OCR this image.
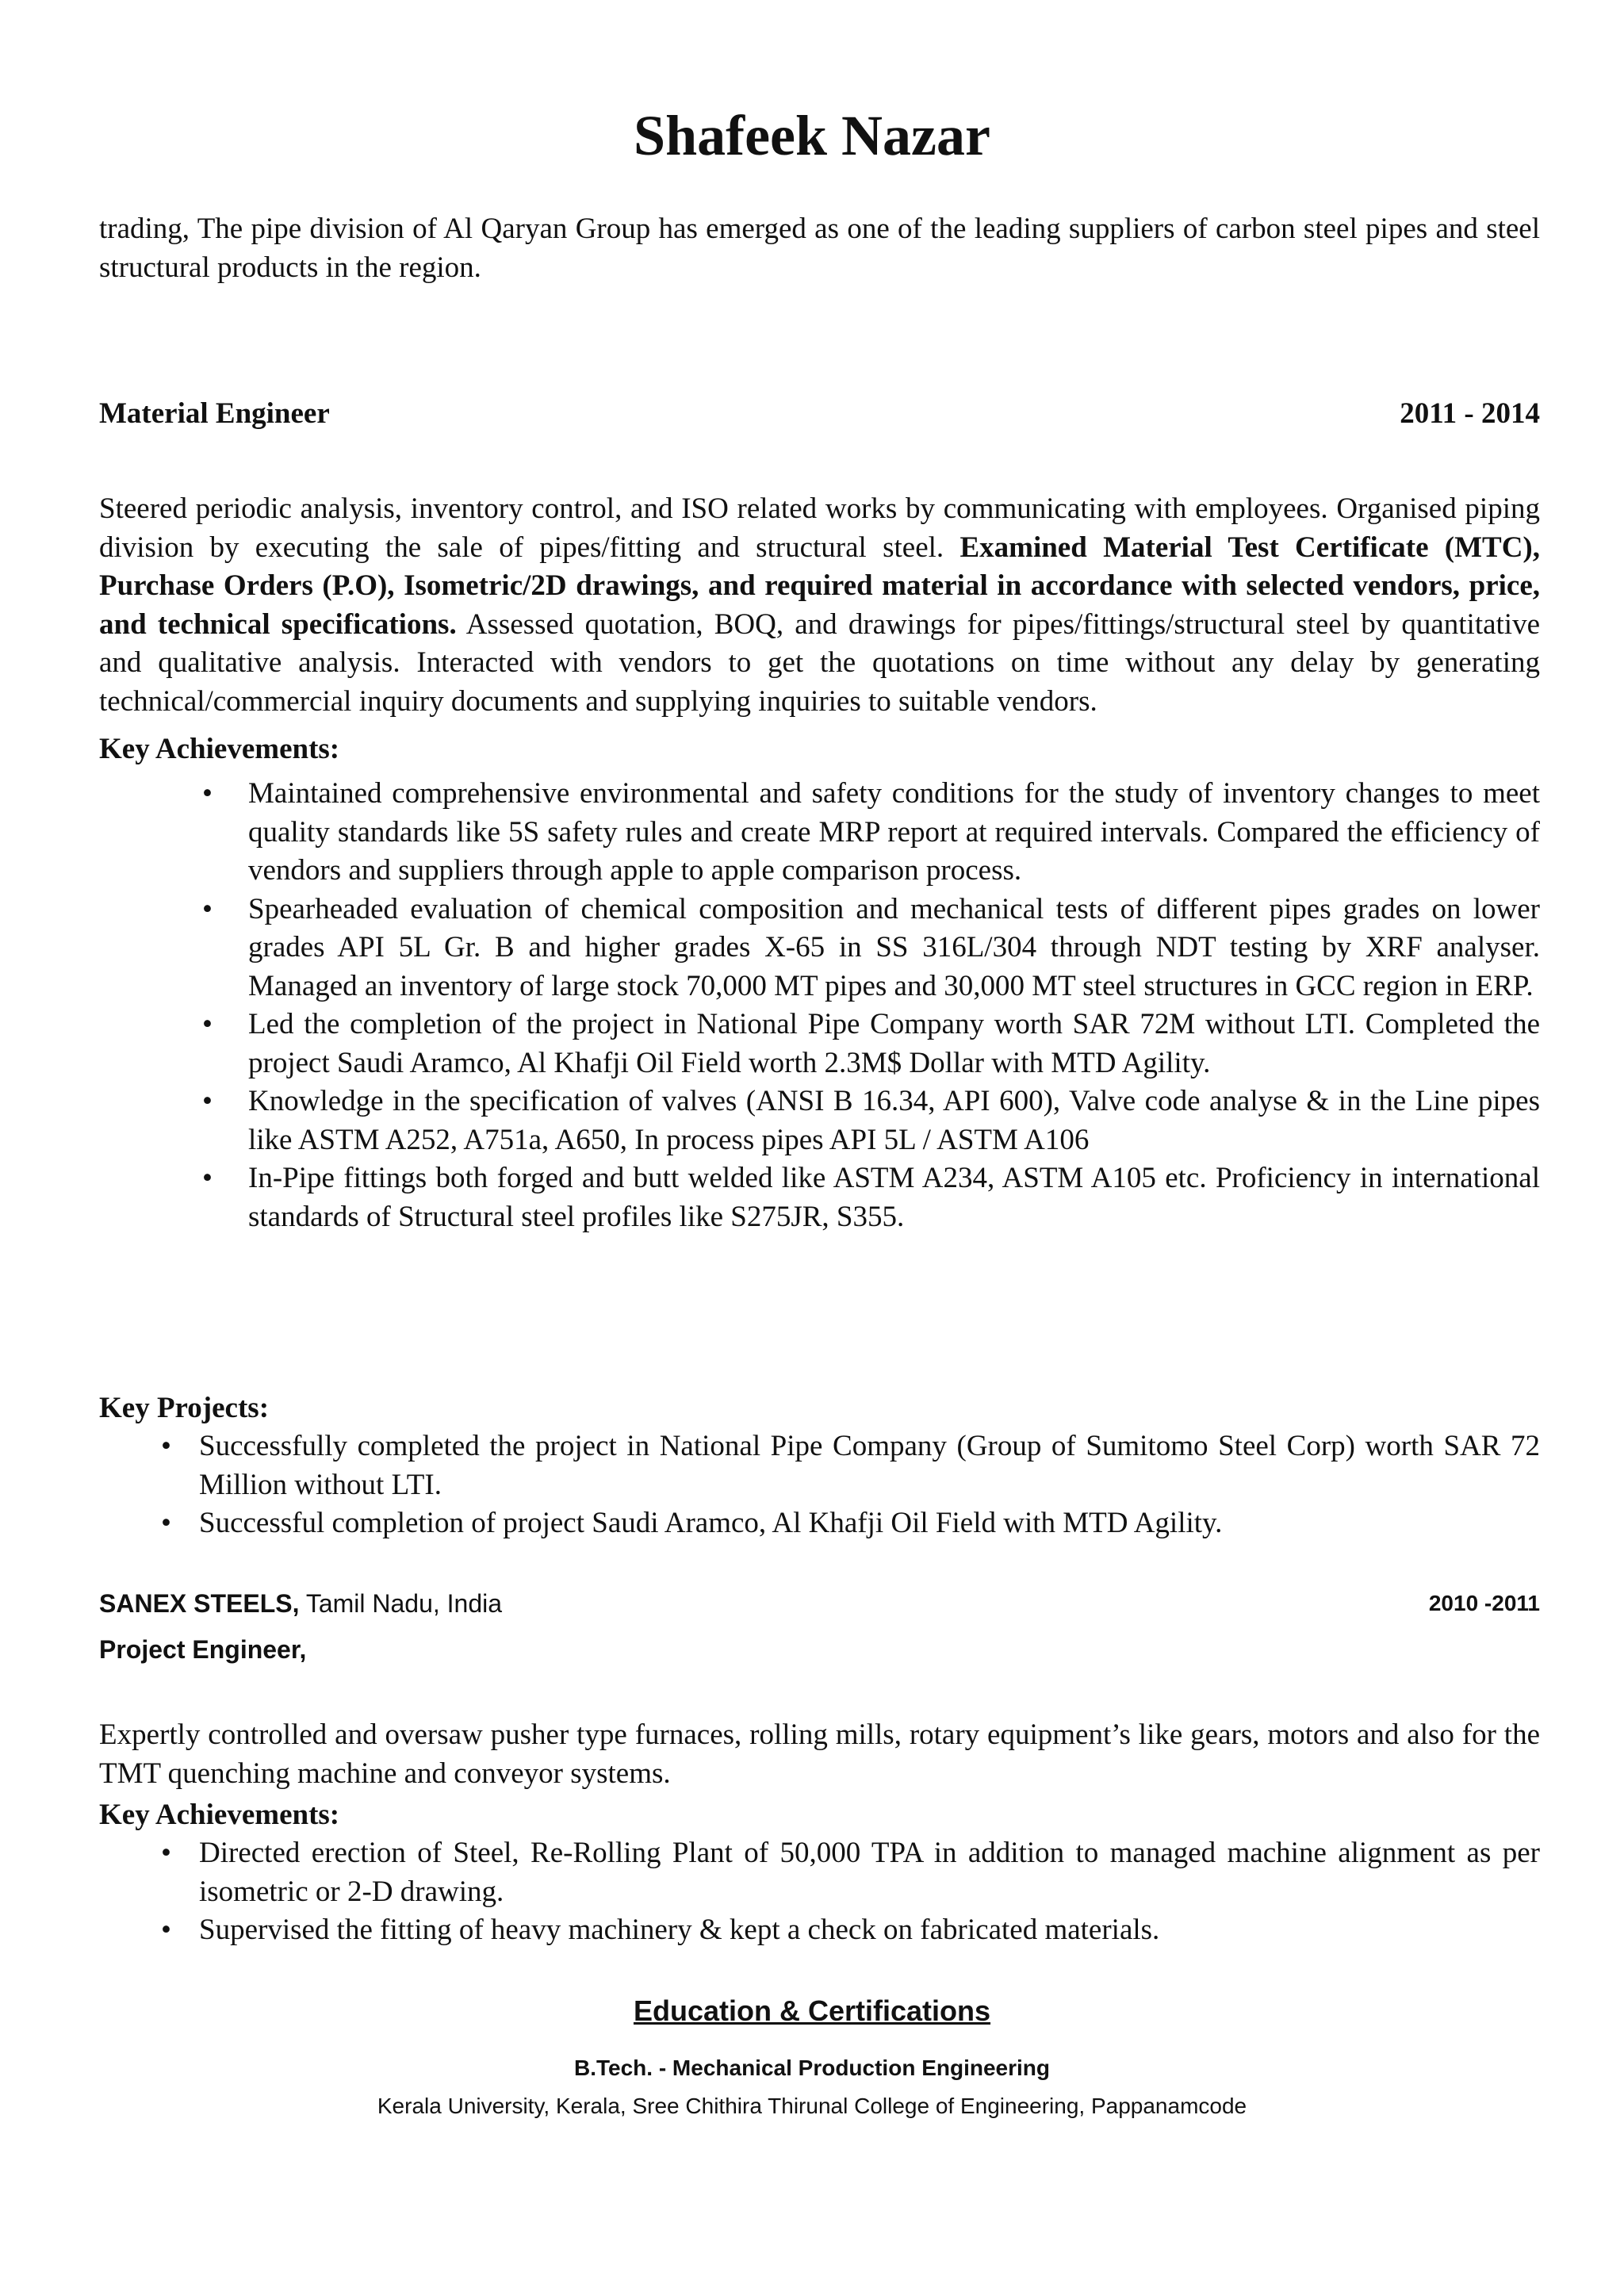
Shafeek Nazar
trading, The pipe division of Al Qaryan Group has emerged as one of the leading suppliers of carbon steel pipes and steel structural products in the region.
Material Engineer	2011 - 2014
Steered periodic analysis, inventory control, and ISO related works by communicating with employees. Organised piping division by executing the sale of pipes/fitting and structural steel. Examined Material Test Certificate (MTC), Purchase Orders (P.O), Isometric/2D drawings, and required material in accordance with selected vendors, price, and technical specifications. Assessed quotation, BOQ, and drawings for pipes/fittings/structural steel by quantitative and qualitative analysis. Interacted with vendors to get the quotations on time without any delay by generating technical/commercial inquiry documents and supplying inquiries to suitable vendors.
Key Achievements:
• Maintained comprehensive environmental and safety conditions for the study of inventory changes to meet quality standards like 5S safety rules and create MRP report at required intervals. Compared the efficiency of vendors and suppliers through apple to apple comparison process.
• Spearheaded evaluation of chemical composition and mechanical tests of different pipes grades on lower grades API 5L Gr. B and higher grades X-65 in SS 316L/304 through NDT testing by XRF analyser. Managed an inventory of large stock 70,000 MT pipes and 30,000 MT steel structures in GCC region in ERP.
• Led the completion of the project in National Pipe Company worth SAR 72M without LTI. Completed the project Saudi Aramco, Al Khafji Oil Field worth 2.3M$ Dollar with MTD Agility.
• Knowledge in the specification of valves (ANSI B 16.34, API 600), Valve code analyse & in the Line pipes like ASTM A252, A751a, A650, In process pipes API 5L / ASTM A106
• In-Pipe fittings both forged and butt welded like ASTM A234, ASTM A105 etc. Proficiency in international standards of Structural steel profiles like S275JR, S355.
Key Projects:
• Successfully completed the project in National Pipe Company (Group of Sumitomo Steel Corp) worth SAR 72 Million without LTI.
• Successful completion of project Saudi Aramco, Al Khafji Oil Field with MTD Agility.
SANEX STEELS, Tamil Nadu, India	2010 -2011
Project Engineer,
Expertly controlled and oversaw pusher type furnaces, rolling mills, rotary equipment’s like gears, motors and also for the TMT quenching machine and conveyor systems.
Key Achievements:
• Directed erection of Steel, Re-Rolling Plant of 50,000 TPA in addition to managed machine alignment as per isometric or 2-D drawing.
• Supervised the fitting of heavy machinery & kept a check on fabricated materials.
Education & Certifications
B.Tech. - Mechanical Production Engineering
Kerala University, Kerala, Sree Chithira Thirunal College of Engineering, Pappanamcode
